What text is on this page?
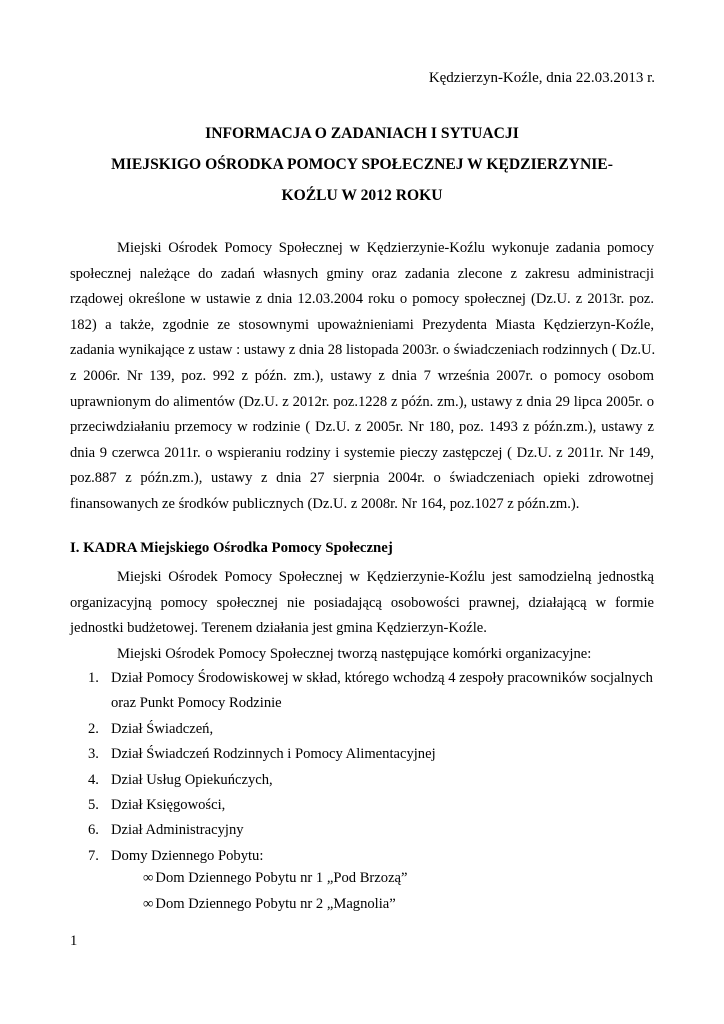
Kędzierzyn-Koźle, dnia 22.03.2013 r.
INFORMACJA O ZADANIACH I SYTUACJI
MIEJSKIGO OŚRODKA POMOCY SPOŁECZNEJ W KĘDZIERZYNIE-
KOŹLU W 2012 ROKU
Miejski Ośrodek Pomocy Społecznej w Kędzierzynie-Koźlu wykonuje zadania pomocy
społecznej należące do zadań własnych gminy oraz zadania zlecone z zakresu administracji
rządowej określone w ustawie z dnia 12.03.2004 roku o pomocy społecznej (Dz.U. z 2013r. poz.
182) a także, zgodnie ze stosownymi upoważnieniami Prezydenta Miasta Kędzierzyn-Koźle,
zadania wynikające z ustaw : ustawy z dnia 28 listopada 2003r. o świadczeniach rodzinnych ( Dz.U.
z 2006r. Nr 139, poz. 992 z późn. zm.), ustawy z dnia 7 września 2007r. o pomocy osobom
uprawnionym do alimentów (Dz.U. z 2012r. poz.1228 z późn. zm.), ustawy z dnia 29 lipca 2005r. o
przeciwdziałaniu przemocy w rodzinie ( Dz.U. z 2005r. Nr 180, poz. 1493 z późn.zm.), ustawy z
dnia 9 czerwca 2011r. o wspieraniu rodziny i systemie pieczy zastępczej ( Dz.U. z 2011r. Nr 149,
poz.887 z późn.zm.), ustawy z dnia 27 sierpnia 2004r. o świadczeniach opieki zdrowotnej
finansowanych ze środków publicznych (Dz.U. z 2008r. Nr 164, poz.1027 z późn.zm.).
I. KADRA Miejskiego Ośrodka Pomocy Społecznej
Miejski Ośrodek Pomocy Społecznej w Kędzierzynie-Koźlu jest samodzielną jednostką
organizacyjną pomocy społecznej nie posiadającą osobowości prawnej, działającą w formie
jednostki budżetowej. Terenem działania jest gmina Kędzierzyn-Koźle.
Miejski Ośrodek Pomocy Społecznej tworzą następujące komórki organizacyjne:
1. Dział Pomocy Środowiskowej w skład, którego wchodzą 4 zespoły pracowników socjalnych
oraz Punkt Pomocy Rodzinie
2. Dział Świadczeń,
3. Dział Świadczeń Rodzinnych i Pomocy Alimentacyjnej
4. Dział Usług Opiekuńczych,
5. Dział Księgowości,
6. Dział Administracyjny
7. Domy Dziennego Pobytu:
∞ Dom Dziennego Pobytu nr 1 „Pod Brzozą”
∞ Dom Dziennego Pobytu nr 2 „Magnolia”
1
